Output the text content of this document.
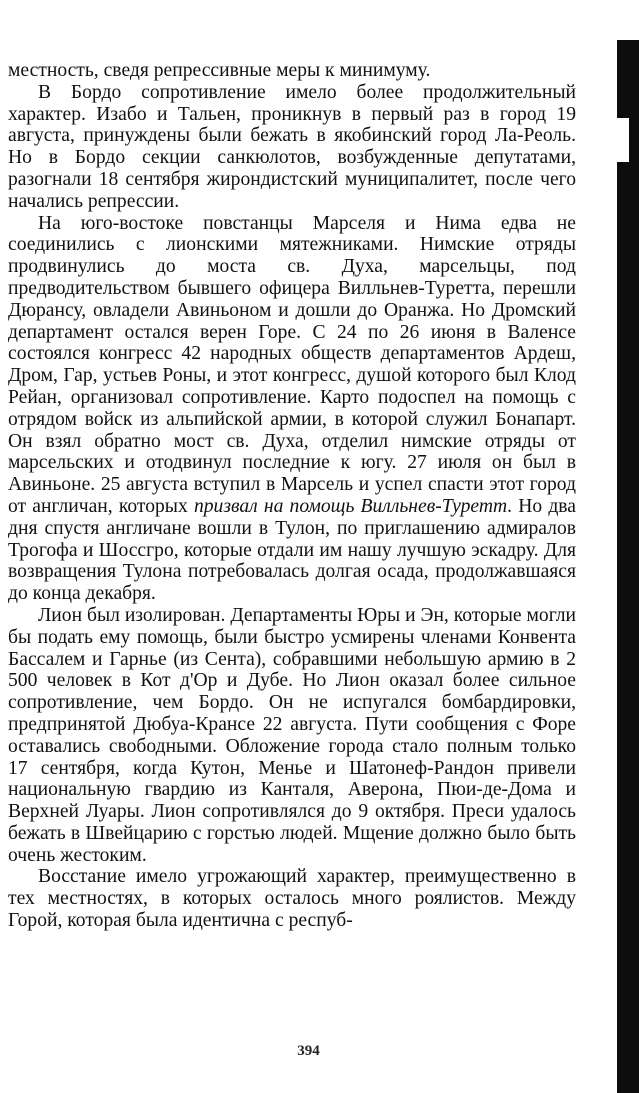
местность, сведя репрессивные меры к минимуму.

В Бордо сопротивление имело более продолжительный характер. Изабо и Тальен, проникнув в первый раз в город 19 августа, принуждены были бежать в якобинский город Ла-Реоль. Но в Бордо секции санкюлотов, возбужденные депутатами, разогнали 18 сентября жирондистский муниципалитет, после чего начались репрессии.

На юго-востоке повстанцы Марселя и Нима едва не соединились с лионскими мятежниками. Нимские отряды продвинулись до моста св. Духа, марсельцы, под предводительством бывшего офицера Вилльнев-Туретта, перешли Дюрансу, овладели Авиньоном и дошли до Оранжа. Но Дромский департамент остался верен Горе. С 24 по 26 июня в Валенсе состоялся конгресс 42 народных обществ департаментов Ардеш, Дром, Гар, устьев Роны, и этот конгресс, душой которого был Клод Рейан, организовал сопротивление. Карто подоспел на помощь с отрядом войск из альпийской армии, в которой служил Бонапарт. Он взял обратно мост св. Духа, отделил нимские отряды от марсельских и отодвинул последние к югу. 27 июля он был в Авиньоне. 25 августа вступил в Марсель и успел спасти этот город от англичан, которых призвал на помощь Вилльнев-Туретт. Но два дня спустя англичане вошли в Тулон, по приглашению адмиралов Трогофа и Шоссгро, которые отдали им нашу лучшую эскадру. Для возвращения Тулона потребовалась долгая осада, продолжавшаяся до конца декабря.

Лион был изолирован. Департаменты Юры и Эн, которые могли бы подать ему помощь, были быстро усмирены членами Конвента Бассалем и Гарнье (из Сента), собравшими небольшую армию в 2 500 человек в Кот д'Ор и Дубе. Но Лион оказал более сильное сопротивление, чем Бордо. Он не испугался бомбардировки, предпринятой Дюбуа-Крансе 22 августа. Пути сообщения с Форе оставались свободными. Обложение города стало полным только 17 сентября, когда Кутон, Менье и Шатонеф-Рандон привели национальную гвардию из Канталя, Аверона, Пюи-де-Дома и Верхней Луары. Лион сопротивлялся до 9 октября. Преси удалось бежать в Швейцарию с горстью людей. Мщение должно было быть очень жестоким.

Восстание имело угрожающий характер, преимущественно в тех местностях, в которых осталось много роялистов. Между Горой, которая была идентична с респуб-

394
